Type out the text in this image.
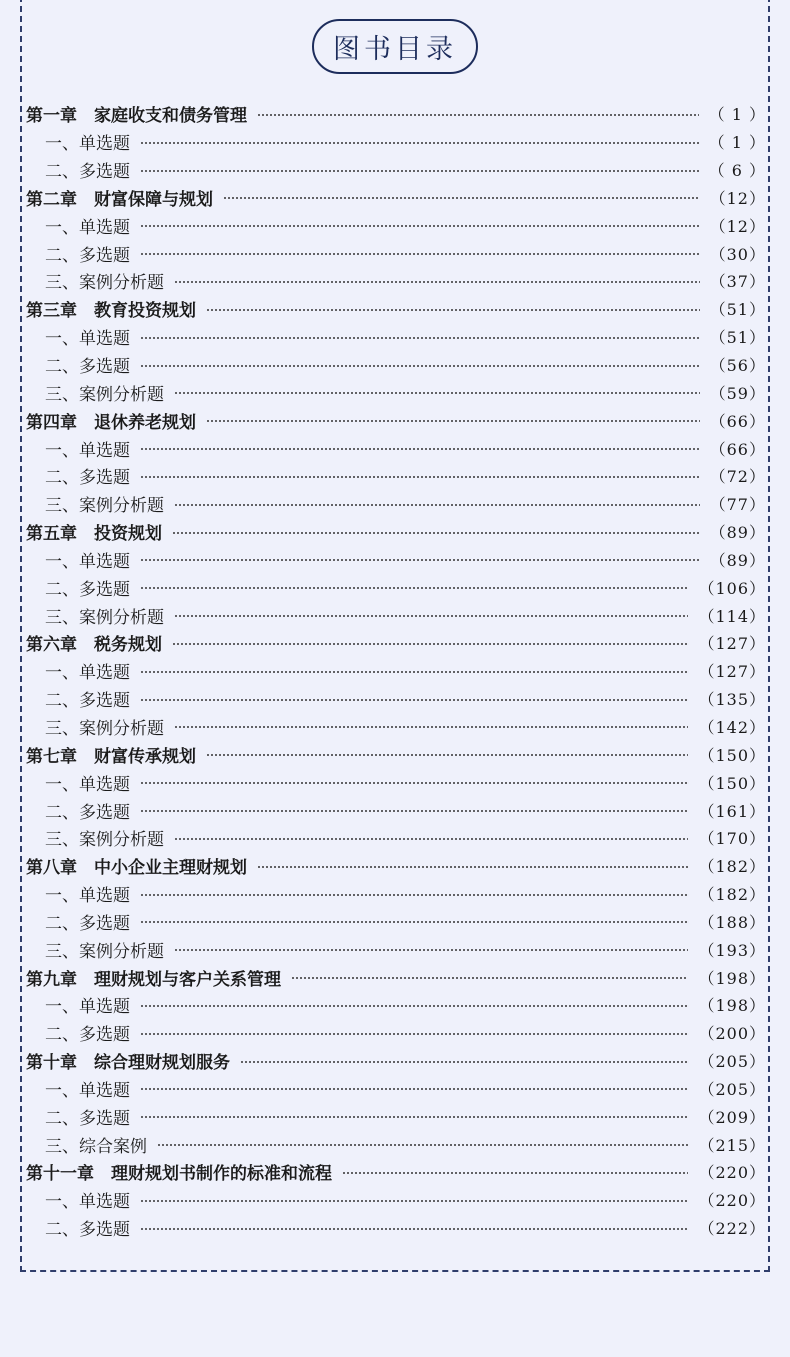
图书目录
第一章　家庭收支和债务管理	（ 1 ）
一、单选题	（ 1 ）
二、多选题	（ 6 ）
第二章　财富保障与规划	（12）
一、单选题	（12）
二、多选题	（30）
三、案例分析题	（37）
第三章　教育投资规划	（51）
一、单选题	（51）
二、多选题	（56）
三、案例分析题	（59）
第四章　退休养老规划	（66）
一、单选题	（66）
二、多选题	（72）
三、案例分析题	（77）
第五章　投资规划	（89）
一、单选题	（89）
二、多选题	（106）
三、案例分析题	（114）
第六章　税务规划	（127）
一、单选题	（127）
二、多选题	（135）
三、案例分析题	（142）
第七章　财富传承规划	（150）
一、单选题	（150）
二、多选题	（161）
三、案例分析题	（170）
第八章　中小企业主理财规划	（182）
一、单选题	（182）
二、多选题	（188）
三、案例分析题	（193）
第九章　理财规划与客户关系管理	（198）
一、单选题	（198）
二、多选题	（200）
第十章　综合理财规划服务	（205）
一、单选题	（205）
二、多选题	（209）
三、综合案例	（215）
第十一章　理财规划书制作的标准和流程	（220）
一、单选题	（220）
二、多选题	（222）
